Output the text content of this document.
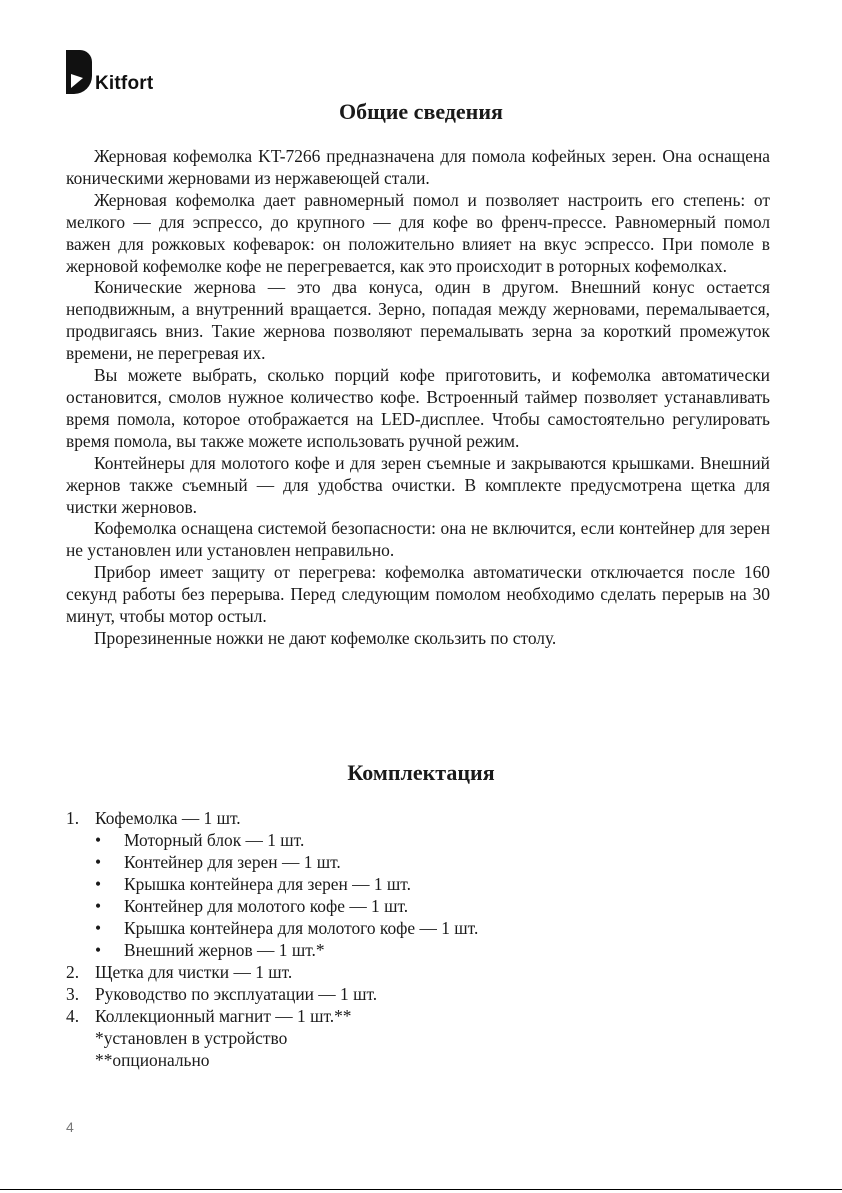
Kitfort
Общие сведения

Жерновая кофемолка KT-7266 предназначена для помола кофейных зерен. Она оснащена коническими жерновами из нержавеющей стали.

Жерновая кофемолка дает равномерный помол и позволяет настроить его степень: от мелкого — для эспрессо, до крупного — для кофе во френч-прессе. Равномерный помол важен для рожковых кофеварок: он положительно влияет на вкус эспрессо. При помоле в жерновой кофемолке кофе не перегревается, как это происходит в роторных кофемолках.

Конические жернова — это два конуса, один в другом. Внешний конус остается неподвижным, а внутренний вращается. Зерно, попадая между жерновами, перемалывается, продвигаясь вниз. Такие жернова позволяют перемалывать зерна за короткий промежуток времени, не перегревая их.

Вы можете выбрать, сколько порций кофе приготовить, и кофемолка автоматически остановится, смолов нужное количество кофе. Встроенный таймер позволяет устанавливать время помола, которое отображается на LED-дисплее. Чтобы самостоятельно регулировать время помола, вы также можете использовать ручной режим.

Контейнеры для молотого кофе и для зерен съемные и закрываются крышками. Внешний жернов также съемный — для удобства очистки. В комплекте предусмотрена щетка для чистки жерновов.

Кофемолка оснащена системой безопасности: она не включится, если контейнер для зерен не установлен или установлен неправильно.

Прибор имеет защиту от перегрева: кофемолка автоматически отключается после 160 секунд работы без перерыва. Перед следующим помолом необходимо сделать перерыв на 30 минут, чтобы мотор остыл.

Прорезиненные ножки не дают кофемолке скользить по столу.

Комплектация
1. Кофемолка — 1 шт.
•	Моторный блок — 1 шт.
•	Контейнер для зерен — 1 шт.
•	Крышка контейнера для зерен — 1 шт.
•	Контейнер для молотого кофе — 1 шт.
•	Крышка контейнера для молотого кофе — 1 шт.
•	Внешний жернов — 1 шт.*
2. Щетка для чистки — 1 шт.
3. Руководство по эксплуатации — 1 шт.
4. Коллекционный магнит — 1 шт.**
*установлен в устройство
**опционально
4
